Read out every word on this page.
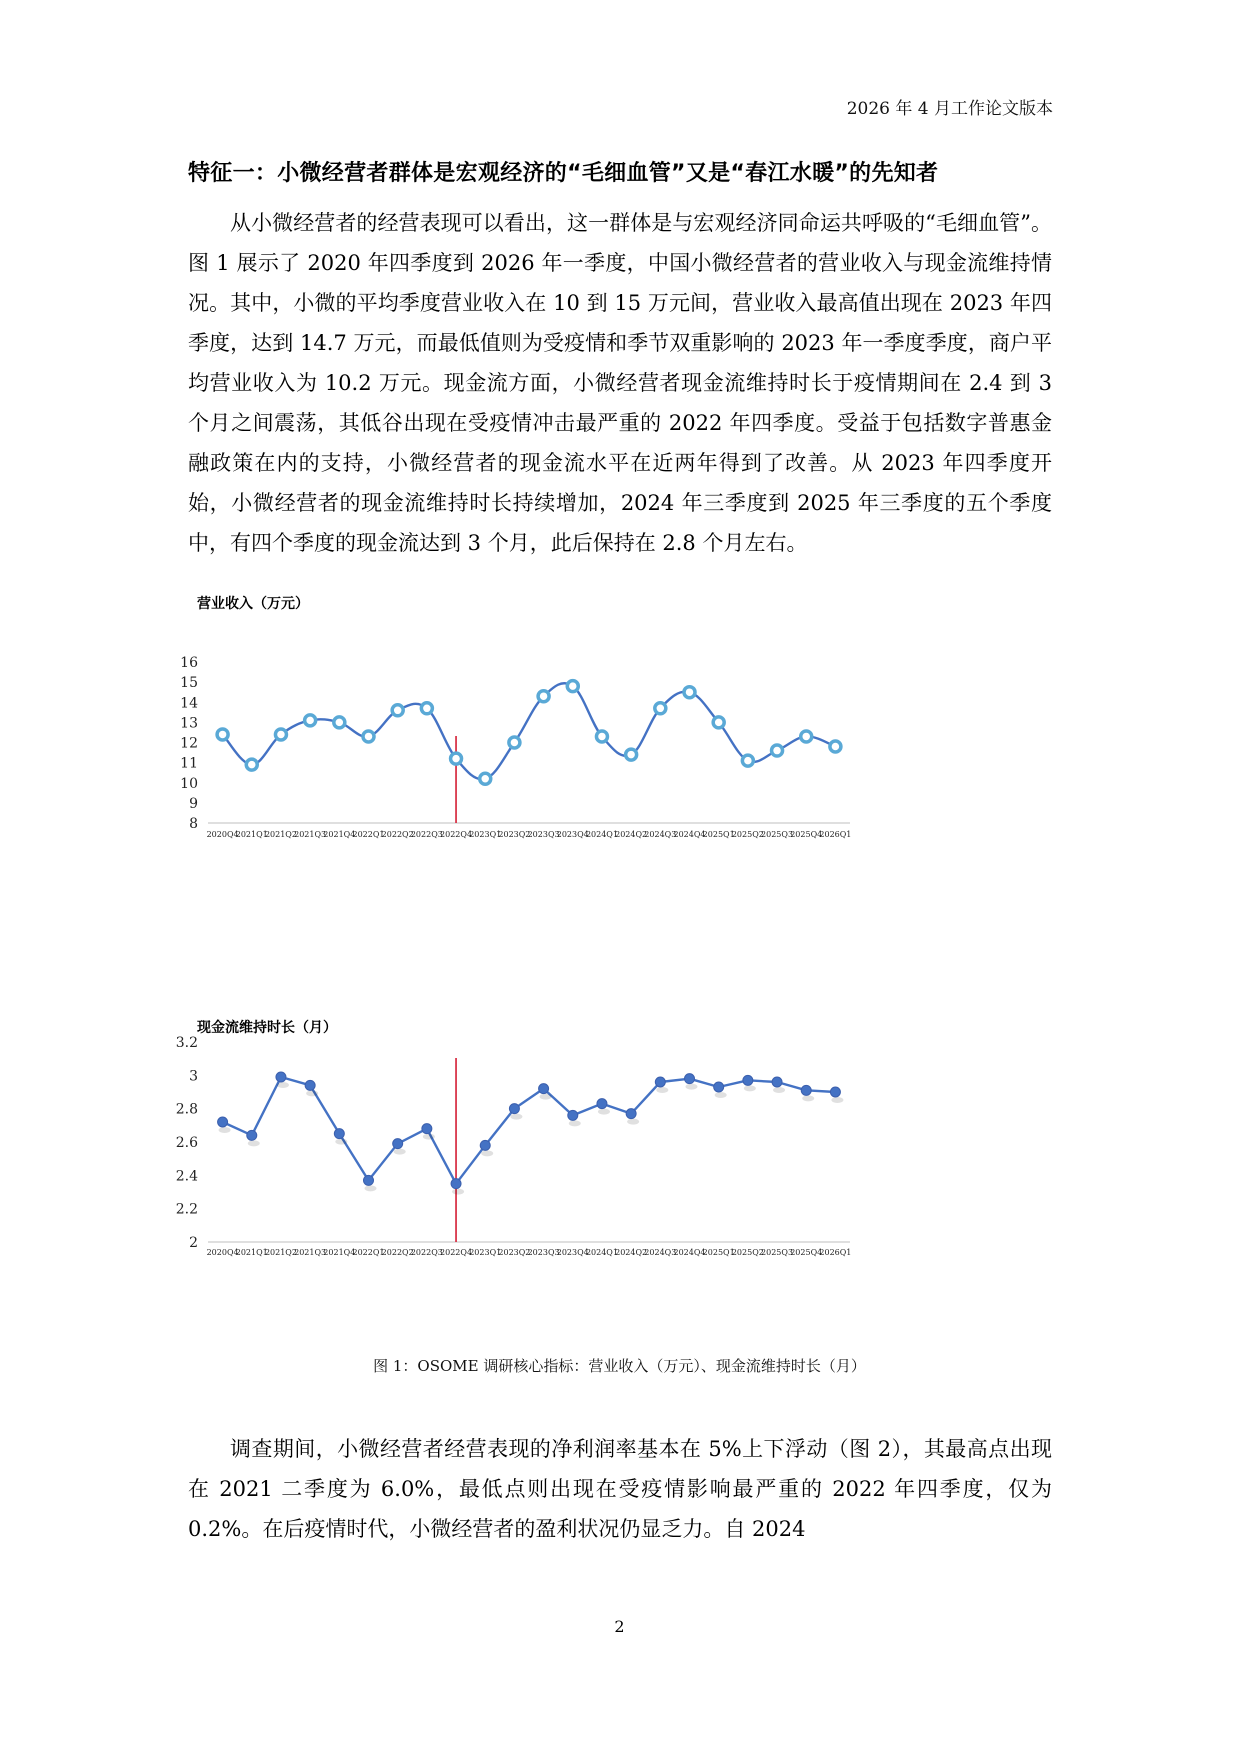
2026 年 4 月工作论文版本
特征一：小微经营者群体是宏观经济的“毛细血管”又是“春江水暖”的先知者

从小微经营者的经营表现可以看出，这一群体是与宏观经济同命运共呼吸的“毛细血管”。图 1 展示了 2020 年四季度到 2026 年一季度，中国小微经营者的营业收入与现金流维持情况。其中，小微的平均季度营业收入在 10 到 15 万元间，营业收入最高值出现在 2023 年四季度，达到 14.7 万元，而最低值则为受疫情和季节双重影响的 2023 年一季度季度，商户平均营业收入为 10.2 万元。现金流方面，小微经营者现金流维持时长于疫情期间在 2.4 到 3 个月之间震荡，其低谷出现在受疫情冲击最严重的 2022 年四季度。受益于包括数字普惠金融政策在内的支持，小微经营者的现金流水平在近两年得到了改善。从 2023 年四季度开始，小微经营者的现金流维持时长持续增加，2024 年三季度到 2025 年三季度的五个季度中，有四个季度的现金流达到 3 个月，此后保持在 2.8 个月左右。

营业收入（万元）
8
9
10
11
12
13
14
15
16
2020Q4
2021Q1
2021Q2
2021Q3
2021Q4
2022Q1
2022Q2
2022Q3
2022Q4
2023Q1
2023Q2
2023Q3
2023Q4
2024Q1
2024Q2
2024Q3
2024Q4
2025Q1
2025Q2
2025Q3
2025Q4
2026Q1
现金流维持时长（月）
2
2.2
2.4
2.6
2.8
3
3.2
2020Q4
2021Q1
2021Q2
2021Q3
2021Q4
2022Q1
2022Q2
2022Q3
2022Q4
2023Q1
2023Q2
2023Q3
2023Q4
2024Q1
2024Q2
2024Q3
2024Q4
2025Q1
2025Q2
2025Q3
2025Q4
2026Q1
图 1：OSOME 调研核心指标：营业收入（万元）、现金流维持时长（月）

调查期间，小微经营者经营表现的净利润率基本在 5%上下浮动（图 2），其最高点出现在 2021 二季度为 6.0%，最低点则出现在受疫情影响最严重的 2022 年四季度，仅为 0.2%。在后疫情时代，小微经营者的盈利状况仍显乏力。自 2024

2
